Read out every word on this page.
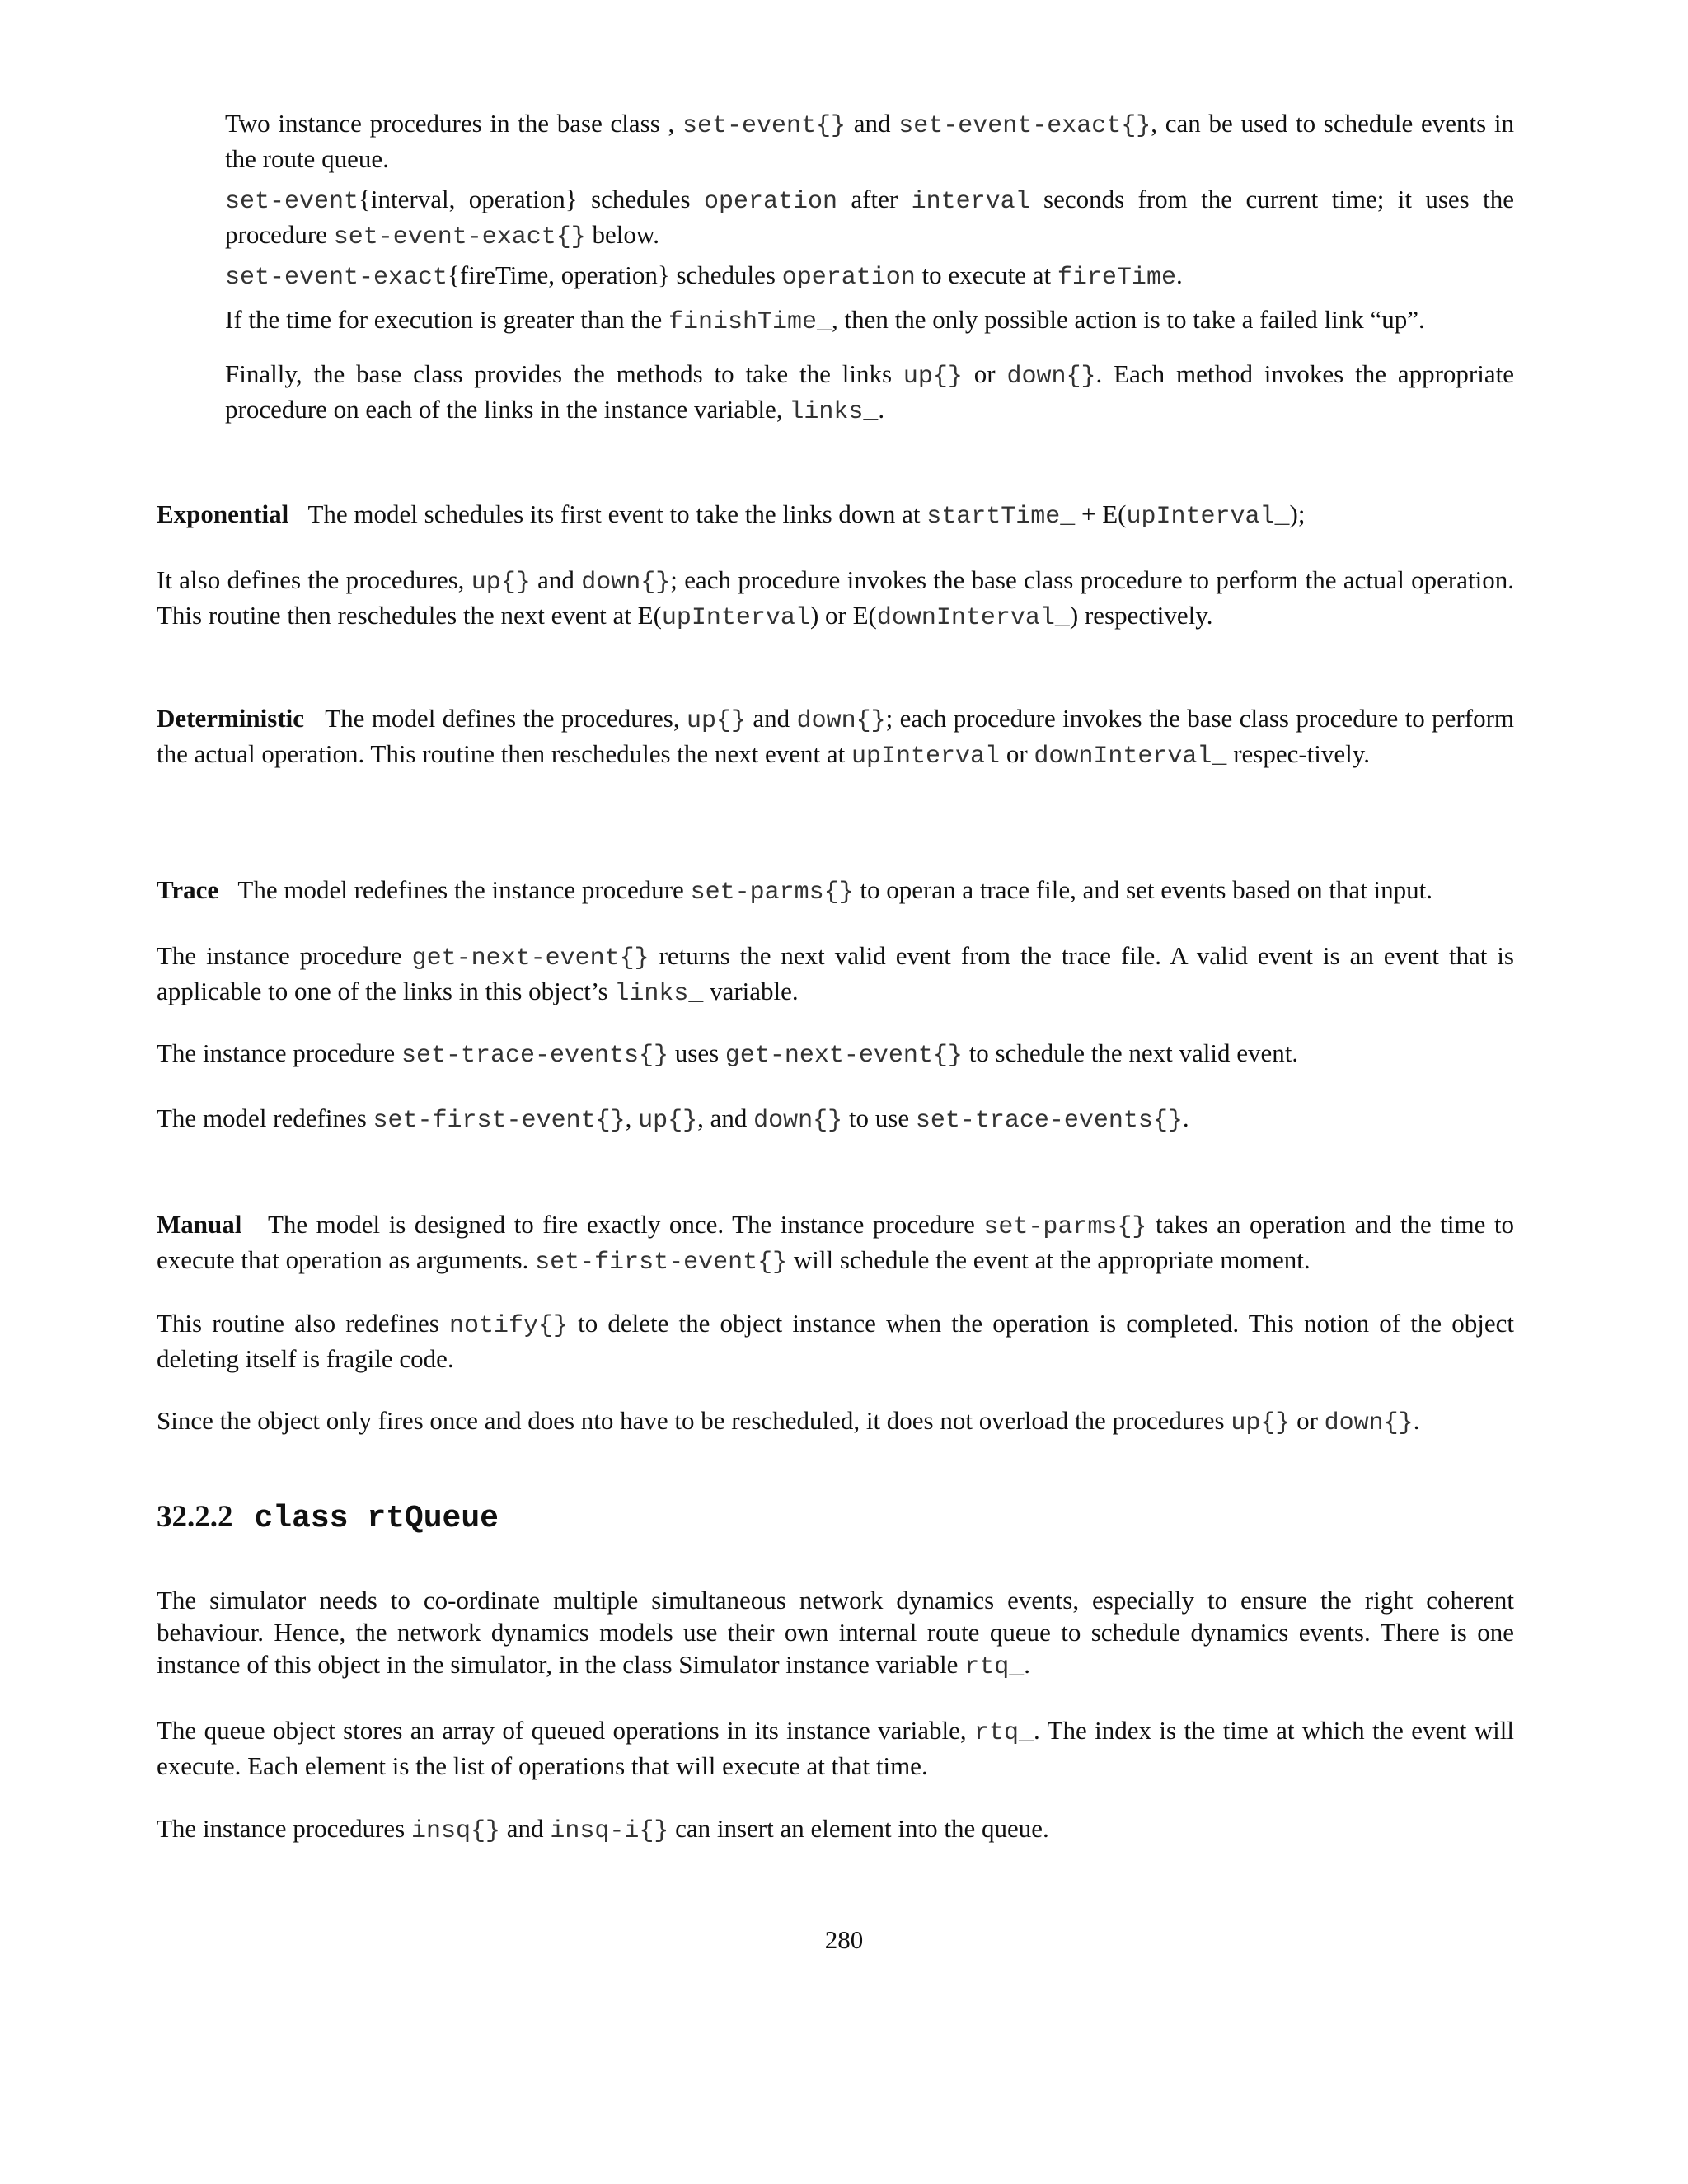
Two instance procedures in the base class , set-event{} and set-event-exact{}, can be used to schedule events in the route queue.

set-event{interval, operation} schedules operation after interval seconds from the current time; it uses the procedure set-event-exact{} below.

set-event-exact{fireTime, operation} schedules operation to execute at fireTime.

If the time for execution is greater than the finishTime_, then the only possible action is to take a failed link “up”.

Finally, the base class provides the methods to take the links up{} or down{}. Each method invokes the appropriate procedure on each of the links in the instance variable, links_.

Exponential The model schedules its first event to take the links down at startTime_ + E(upInterval_);

It also defines the procedures, up{} and down{}; each procedure invokes the base class procedure to perform the actual operation. This routine then reschedules the next event at E(upInterval) or E(downInterval_) respectively.

Deterministic The model defines the procedures, up{} and down{}; each procedure invokes the base class procedure to perform the actual operation. This routine then reschedules the next event at upInterval or downInterval_ respec-tively.

Trace The model redefines the instance procedure set-parms{} to operan a trace file, and set events based on that input.

The instance procedure get-next-event{} returns the next valid event from the trace file. A valid event is an event that is applicable to one of the links in this object’s links_ variable.

The instance procedure set-trace-events{} uses get-next-event{} to schedule the next valid event.

The model redefines set-first-event{}, up{}, and down{} to use set-trace-events{}.

Manual The model is designed to fire exactly once. The instance procedure set-parms{} takes an operation and the time to execute that operation as arguments. set-first-event{} will schedule the event at the appropriate moment.

This routine also redefines notify{} to delete the object instance when the operation is completed. This notion of the object deleting itself is fragile code.

Since the object only fires once and does nto have to be rescheduled, it does not overload the procedures up{} or down{}.

32.2.2 class rtQueue

The simulator needs to co-ordinate multiple simultaneous network dynamics events, especially to ensure the right coherent behaviour. Hence, the network dynamics models use their own internal route queue to schedule dynamics events. There is one instance of this object in the simulator, in the class Simulator instance variable rtq_.

The queue object stores an array of queued operations in its instance variable, rtq_. The index is the time at which the event will execute. Each element is the list of operations that will execute at that time.

The instance procedures insq{} and insq-i{} can insert an element into the queue.

280
